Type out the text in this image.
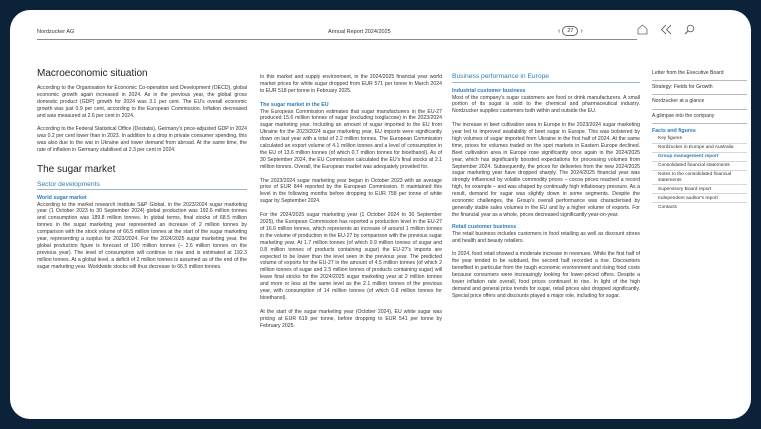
Nordzucker AG	Annual Report 2024/2025	‹	27	›
Macroeconomic situation

According to the Organisation for Economic Co-operation and Development (OECD), global economic growth again increased in 2024. As in the previous year, the global gross domestic product (GDP) growth for 2024 was 3.1 per cent. The EU's overall economic growth was just 0.9 per cent, according to the European Commission. Inflation decreased and was measured at 2.6 per cent in 2024.

According to the Federal Statistical Office (Destatis), Germany's price-adjusted GDP in 2024 was 0.2 per cent lower than in 2023. In addition to a drop in private consumer spending, this was also due to the war in Ukraine and lower demand from abroad. At the same time, the rate of inflation in Germany stabilised at 2.3 per cent in 2024.

The sugar market
Sector developments
World sugar market

According to the market research institute S&P Global, in the 2023/2024 sugar marketing year (1 October 2023 to 30 September 2024) global production was 192.6 million tonnes and consumption was 189.8 million tonnes. In global terms, final stocks of 68.5 million tonnes in the sugar marketing year represented an increase of 2 million tonnes by comparison with the stock volume of 66.5 million tonnes at the start of the sugar marketing year, representing a surplus for 2023/2024. For the 2024/2025 sugar marketing year, the global production figure is forecast of 190 million tonnes (– 2.6 million tonnes on the previous year). The level of consumption will continue to rise and is estimated at 192.3 million tonnes. At a global level, a deficit of 2 million tonnes is assumed as of the end of the sugar marketing year. Worldwide stocks will thus decrease to 66.5 million tonnes.

In this market and supply environment, in the 2024/2025 financial year world market prices for white sugar dropped from EUR 571 per tonne in March 2024 to EUR 518 per tonne in February 2025.

The sugar market in the EU

The European Commission estimates that sugar manufacturers in the EU-27 produced 15.6 million tonnes of sugar (excluding isoglucose) in the 2023/2024 sugar marketing year. Including an amount of sugar imported to the EU from Ukraine for the 2023/2024 sugar marketing year, EU imports were significantly down on last year with a total of 2.2 million tonnes. The European Commission calculated an export volume of 4.1 million tonnes and a level of consumption in the EU of 13.6 million tonnes (of which 0.7 million tonnes for bioethanol). As of 30 September 2024, the EU Commission calculated the EU's final stocks at 2.1 million tonnes. Overall, the European market was adequately provided for.

The 2023/2024 sugar marketing year began in October 2023 with an average price of EUR 844 reported by the European Commission. It maintained this level in the following months before dropping to EUR 758 per tonne of white sugar by September 2024.

For the 2024/2025 sugar marketing year (1 October 2024 to 30 September 2025), the European Commission has reported a production level in the EU-27 of 16.6 million tonnes, which represents an increase of around 1 million tonnes in the volume of production in the EU-27 by comparison with the previous sugar marketing year. At 1.7 million tonnes (of which 0.9 million tonnes of sugar and 0.8 million tonnes of products containing sugar) the EU-27's imports are expected to be lower than the level seen in the previous year. The predicted volume of exports for the EU-27 in the amount of 4.5 million tonnes (of which 2 million tonnes of sugar and 2.5 million tonnes of products containing sugar) will leave final stocks for the 2024/2025 sugar marketing year at 2 million tonnes and more or less at the same level as the 2.1 million tonnes of the previous year, with consumption of 14 million tonnes (of which 0.8 million tonnes for bioethanol).

At the start of the sugar marketing year (October 2024), EU white sugar was pricing at EUR 619 per tonne, before dropping to EUR 541 per tonne by February 2025.

Business performance in Europe
Industrial customer business

Most of the company's sugar customers are food or drink manufacturers. A small portion of its sugar is sold to the chemical and pharmaceutical industry. Nordzucker supplies customers both within and outside the EU.

The increase in beet cultivation area in Europe in the 2023/2024 sugar marketing year led to improved availability of beet sugar in Europe. This was bolstered by high volumes of sugar imported from Ukraine in the first half of 2024. At the same time, prices for volumes traded on the spot markets in Eastern Europe declined. Beet cultivation area in Europe rose significantly once again in the 2024/2025 year, which has significantly boosted expectations for processing volumes from September 2024. Subsequently, the prices for deliveries from the new 2024/2025 sugar marketing year have dropped sharply. The 2024/2025 financial year was strongly influenced by volatile commodity prices – cocoa prices reached a record high, for example – and was shaped by continually high inflationary pressure. As a result, demand for sugar was slightly down in some segments. Despite the economic challenges, the Group's overall performance was characterised by generally stable sales volumes in the EU and by a higher volume of exports. For the financial year as a whole, prices decreased significantly year-on-year.

Retail customer business

The retail business includes customers in food retailing as well as discount stores and health and beauty retailers.

In 2024, food retail showed a moderate increase in revenues. While the first half of the year tended to be subdued, the second half recorded a rise. Discounters benefited in particular from the tough economic environment and rising food costs because consumers were increasingly looking for lower-priced offers. Despite a lower inflation rate overall, food prices continued to rise. In light of the high demand and general price trends for sugar, retail prices also dropped significantly. Special price offers and discounts played a major role, including for sugar.

Letter from the Executive Board
Strategy: Fields for Growth
Nordzucker at a glance
A glimpse into the company
Facts and figures
Key figures
Nordzucker in Europe and Australia
Group management report
Consolidated financial statements
Notes to the consolidated financial statements
Supervisory Board report
Independent auditor's report
Contacts
